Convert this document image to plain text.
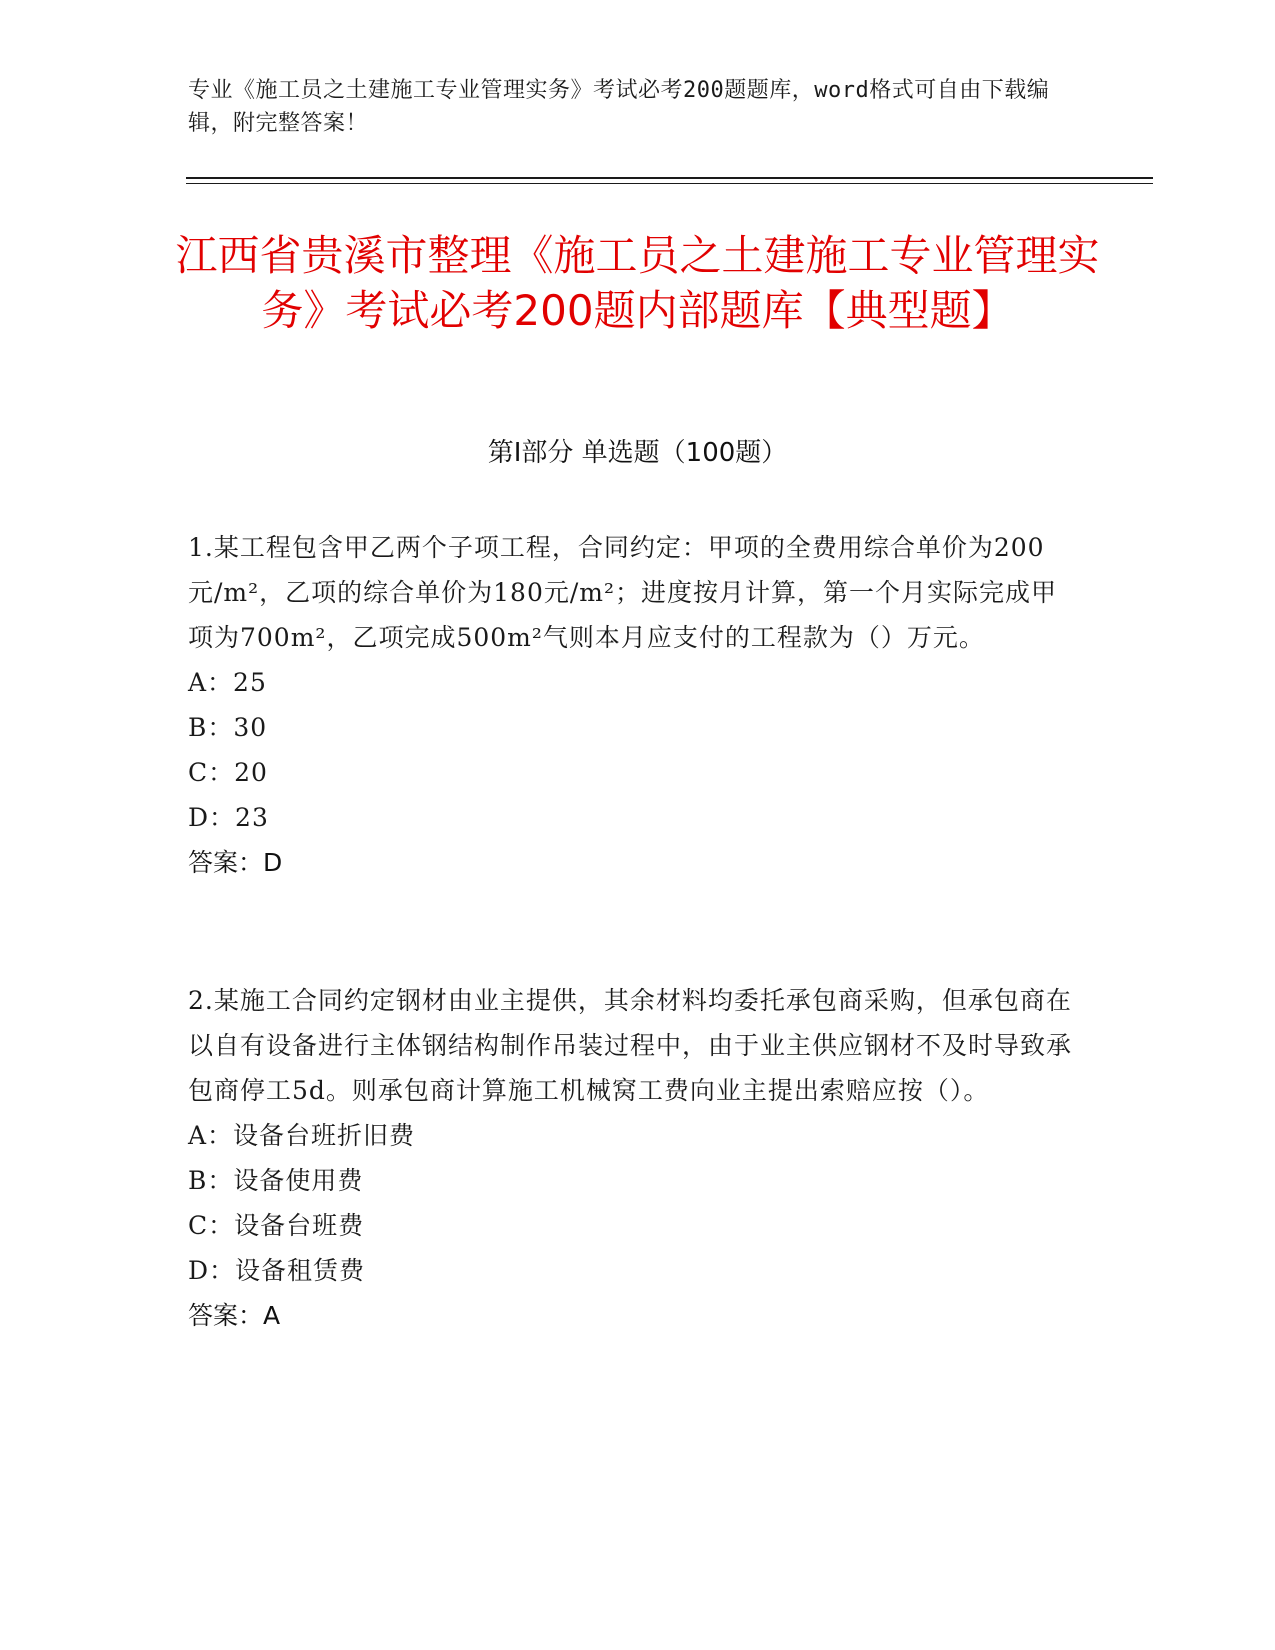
专业《施工员之土建施工专业管理实务》考试必考200题题库，word格式可自由下载编辑，附完整答案！

江西省贵溪市整理《施工员之土建施工专业管理实务》考试必考200题内部题库【典型题】
第I部分 单选题（100题）

1.某工程包含甲乙两个子项工程，合同约定：甲项的全费用综合单价为200元/m²，乙项的综合单价为180元/m²；进度按月计算，第一个月实际完成甲项为700m²，乙项完成500m²气则本月应支付的工程款为（）万元。

A：25

B：30

C：20

D：23

答案：D

2.某施工合同约定钢材由业主提供，其余材料均委托承包商采购，但承包商在以自有设备进行主体钢结构制作吊装过程中，由于业主供应钢材不及时导致承包商停工5d。则承包商计算施工机械窝工费向业主提出索赔应按（）。

A：设备台班折旧费

B：设备使用费

C：设备台班费

D：设备租赁费

答案：A
